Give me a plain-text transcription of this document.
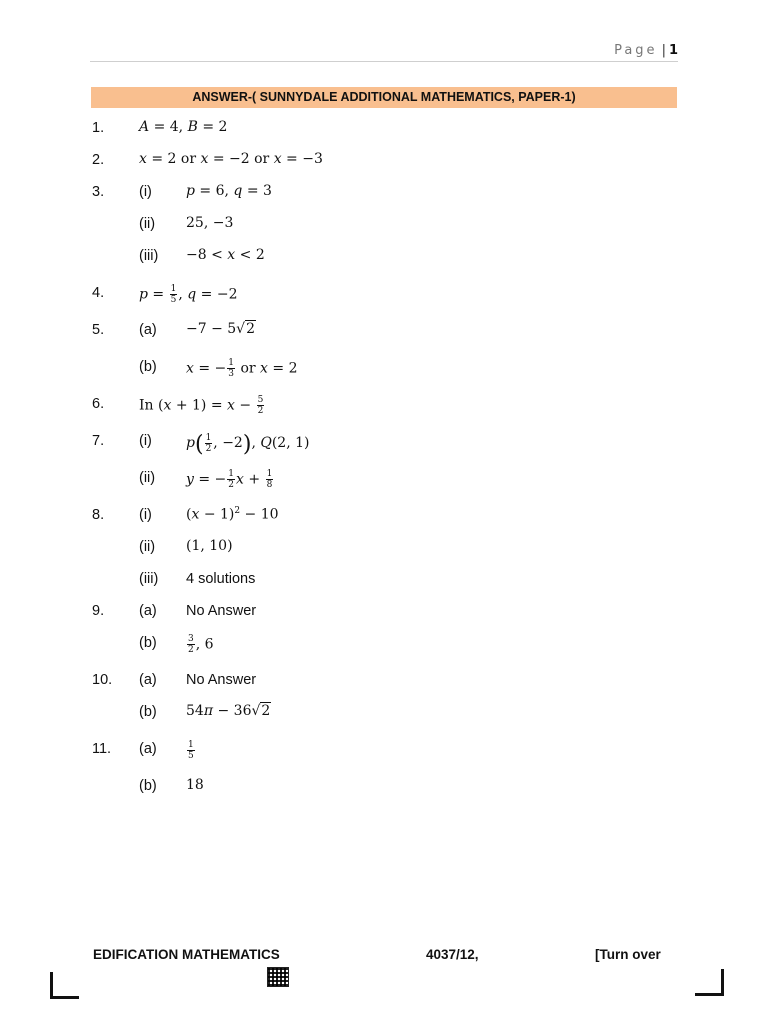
Page | 1
ANSWER-( SUNNYDALE ADDITIONAL MATHEMATICS, PAPER-1)
1. A = 4, B = 2
2. x = 2 or x = −2 or x = −3
3. (i) p = 6, q = 3
(ii) 25, −3
(iii) −8 < x < 2
4. $p = \frac{1}{5}$ , q = −2
5. (a) −7 − 5√2
(b) x = − $\frac{1}{3}$ or x = 2
6. In $(x + 1) = x - \frac{5}{2}$
7. (i) $p( \frac{1}{2}$ , −2), Q(2, 1)
(ii) y = − $\frac{1}{2}$ $x + \frac{1}{8}$
8. (i) $(x - 1)^2 - 10$
(ii) (1, 10)
(iii) 4 solutions
9. (a) No Answer
(b)	$\frac{3}{2}$ , 6
10. (a) No Answer
(b) 54π − 36√2
11. (a)	$\frac{1}{5}$
(b) 18
EDIFICATION MATHEMATICS	4037/12,	[Turn over
